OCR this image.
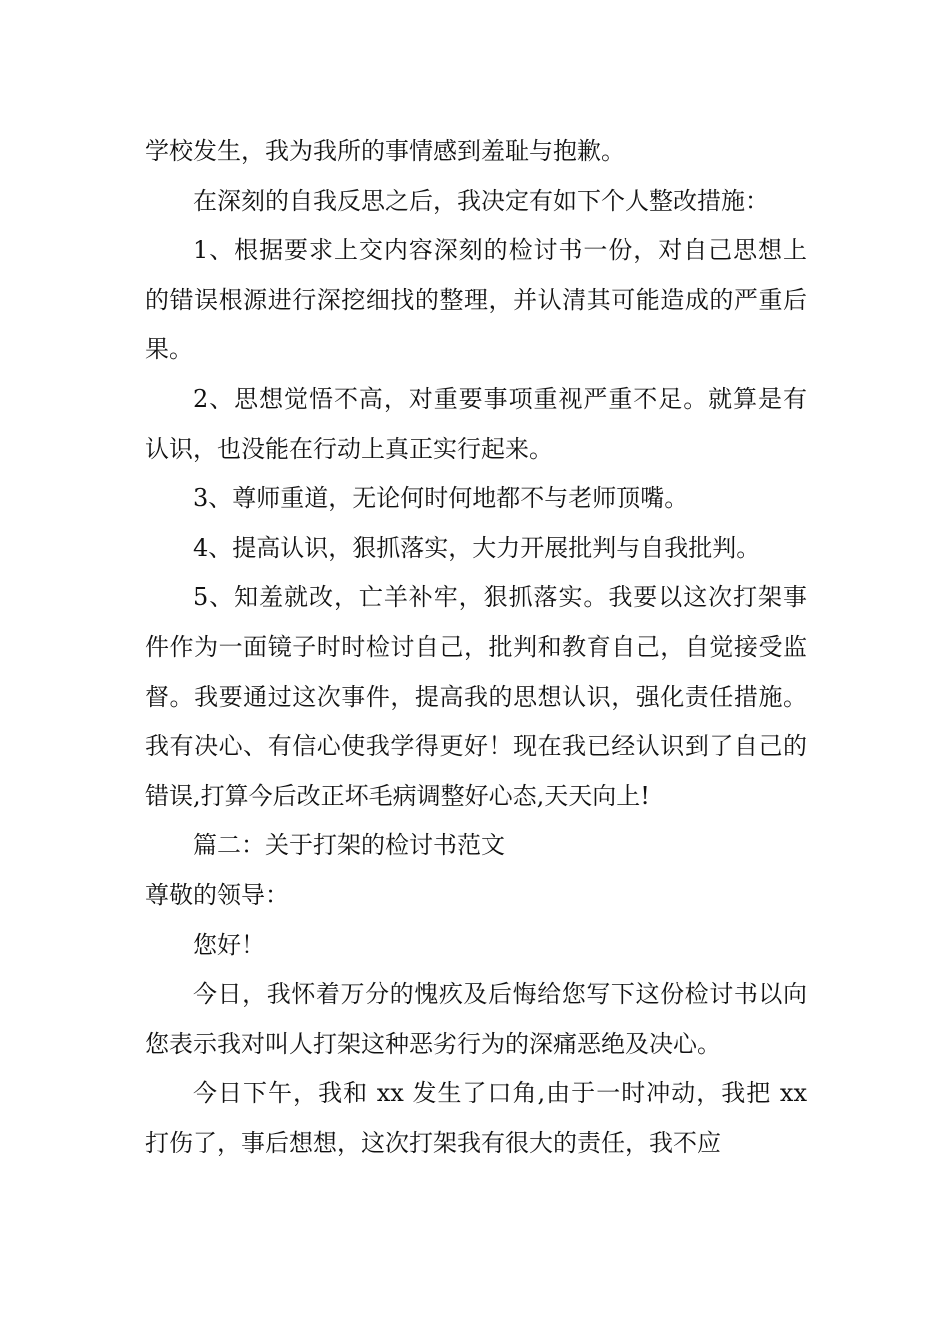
学校发生，我为我所的事情感到羞耻与抱歉。

在深刻的自我反思之后，我决定有如下个人整改措施：

1、根据要求上交内容深刻的检讨书一份，对自己思想上的错误根源进行深挖细找的整理，并认清其可能造成的严重后果。

2、思想觉悟不高，对重要事项重视严重不足。就算是有认识，也没能在行动上真正实行起来。

3、尊师重道，无论何时何地都不与老师顶嘴。

4、提高认识，狠抓落实，大力开展批判与自我批判。

5、知羞就改，亡羊补牢，狠抓落实。我要以这次打架事件作为一面镜子时时检讨自己，批判和教育自己，自觉接受监督。我要通过这次事件，提高我的思想认识，强化责任措施。我有决心、有信心使我学得更好！现在我已经认识到了自己的错误,打算今后改正坏毛病调整好心态,天天向上!

篇二：关于打架的检讨书范文

尊敬的领导：

您好！

今日，我怀着万分的愧疚及后悔给您写下这份检讨书以向您表示我对叫人打架这种恶劣行为的深痛恶绝及决心。

今日下午，我和 xx 发生了口角,由于一时冲动，我把 xx 打伤了，事后想想，这次打架我有很大的责任，我不应
